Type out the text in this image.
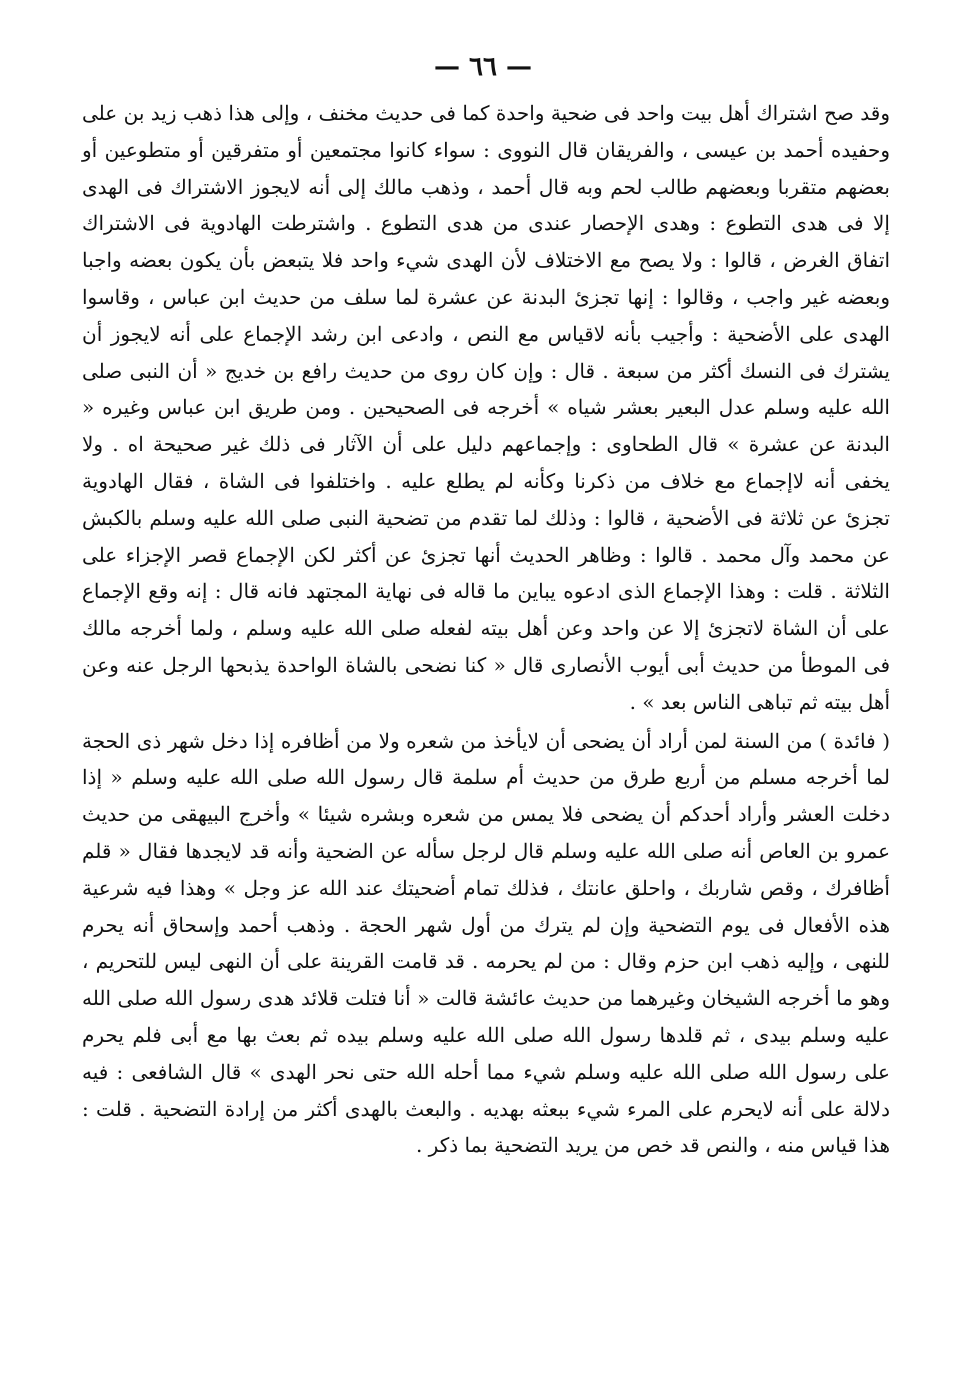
— ٦٦ —

وقد صح اشتراك أهل بيت واحد فى ضحية واحدة كما فى حديث مخنف ، وإلى هذا ذهب زيد بن على وحفيده أحمد بن عيسى ، والفريقان قال النووى : سواء كانوا مجتمعين أو متفرقين أو متطوعين أو بعضهم متقربا وبعضهم طالب لحم وبه قال أحمد ، وذهب مالك إلى أنه لايجوز الاشتراك فى الهدى إلا فى هدى التطوع : وهدى الإحصار عندى من هدى التطوع . واشترطت الهادوية فى الاشتراك اتفاق الغرض ، قالوا : ولا يصح مع الاختلاف لأن الهدى شيء واحد فلا يتبعض بأن يكون بعضه واجبا وبعضه غير واجب ، وقالوا : إنها تجزئ البدنة عن عشرة لما سلف من حديث ابن عباس ، وقاسوا الهدى على الأضحية : وأجيب بأنه لاقياس مع النص ، وادعى ابن رشد الإجماع على أنه لايجوز أن يشترك فى النسك أكثر من سبعة . قال : وإن كان روى من حديث رافع بن خديج « أن النبى صلى الله عليه وسلم عدل البعير بعشر شياه » أخرجه فى الصحيحين . ومن طريق ابن عباس وغيره « البدنة عن عشرة » قال الطحاوى : وإجماعهم دليل على أن الآثار فى ذلك غير صحيحة اه . ولا يخفى أنه لاإجماع مع خلاف من ذكرنا وكأنه لم يطلع عليه . واختلفوا فى الشاة ، فقال الهادوية تجزئ عن ثلاثة فى الأضحية ، قالوا : وذلك لما تقدم من تضحية النبى صلى الله عليه وسلم بالكبش عن محمد وآل محمد . قالوا : وظاهر الحديث أنها تجزئ عن أكثر لكن الإجماع قصر الإجزاء على الثلاثة . قلت : وهذا الإجماع الذى ادعوه يباين ما قاله فى نهاية المجتهد فانه قال : إنه وقع الإجماع على أن الشاة لاتجزئ إلا عن واحد وعن أهل بيته لفعله صلى الله عليه وسلم ، ولما أخرجه مالك فى الموطأ من حديث أبى أيوب الأنصارى قال « كنا نضحى بالشاة الواحدة يذبحها الرجل عنه وعن أهل بيته ثم تباهى الناس بعد » .

( فائدة ) من السنة لمن أراد أن يضحى أن لايأخذ من شعره ولا من أظافره إذا دخل شهر ذى الحجة لما أخرجه مسلم من أربع طرق من حديث أم سلمة قال رسول الله صلى الله عليه وسلم « إذا دخلت العشر وأراد أحدكم أن يضحى فلا يمس من شعره وبشره شيئا » وأخرج البيهقى من حديث عمرو بن العاص أنه صلى الله عليه وسلم قال لرجل سأله عن الضحية وأنه قد لايجدها فقال « قلم أظافرك ، وقص شاربك ، واحلق عانتك ، فذلك تمام أضحيتك عند الله عز وجل » وهذا فيه شرعية هذه الأفعال فى يوم التضحية وإن لم يترك من أول شهر الحجة . وذهب أحمد وإسحاق أنه يحرم للنهى ، وإليه ذهب ابن حزم وقال : من لم يحرمه . قد قامت القرينة على أن النهى ليس للتحريم ، وهو ما أخرجه الشيخان وغيرهما من حديث عائشة قالت « أنا فتلت قلائد هدى رسول الله صلى الله عليه وسلم بيدى ، ثم قلدها رسول الله صلى الله عليه وسلم بيده ثم بعث بها مع أبى فلم يحرم على رسول الله صلى الله عليه وسلم شيء مما أحله الله حتى نحر الهدى » قال الشافعى : فيه دلالة على أنه لايحرم على المرء شيء ببعثه بهديه . والبعث بالهدى أكثر من إرادة التضحية . قلت : هذا قياس منه ، والنص قد خص من يريد التضحية بما ذكر .
